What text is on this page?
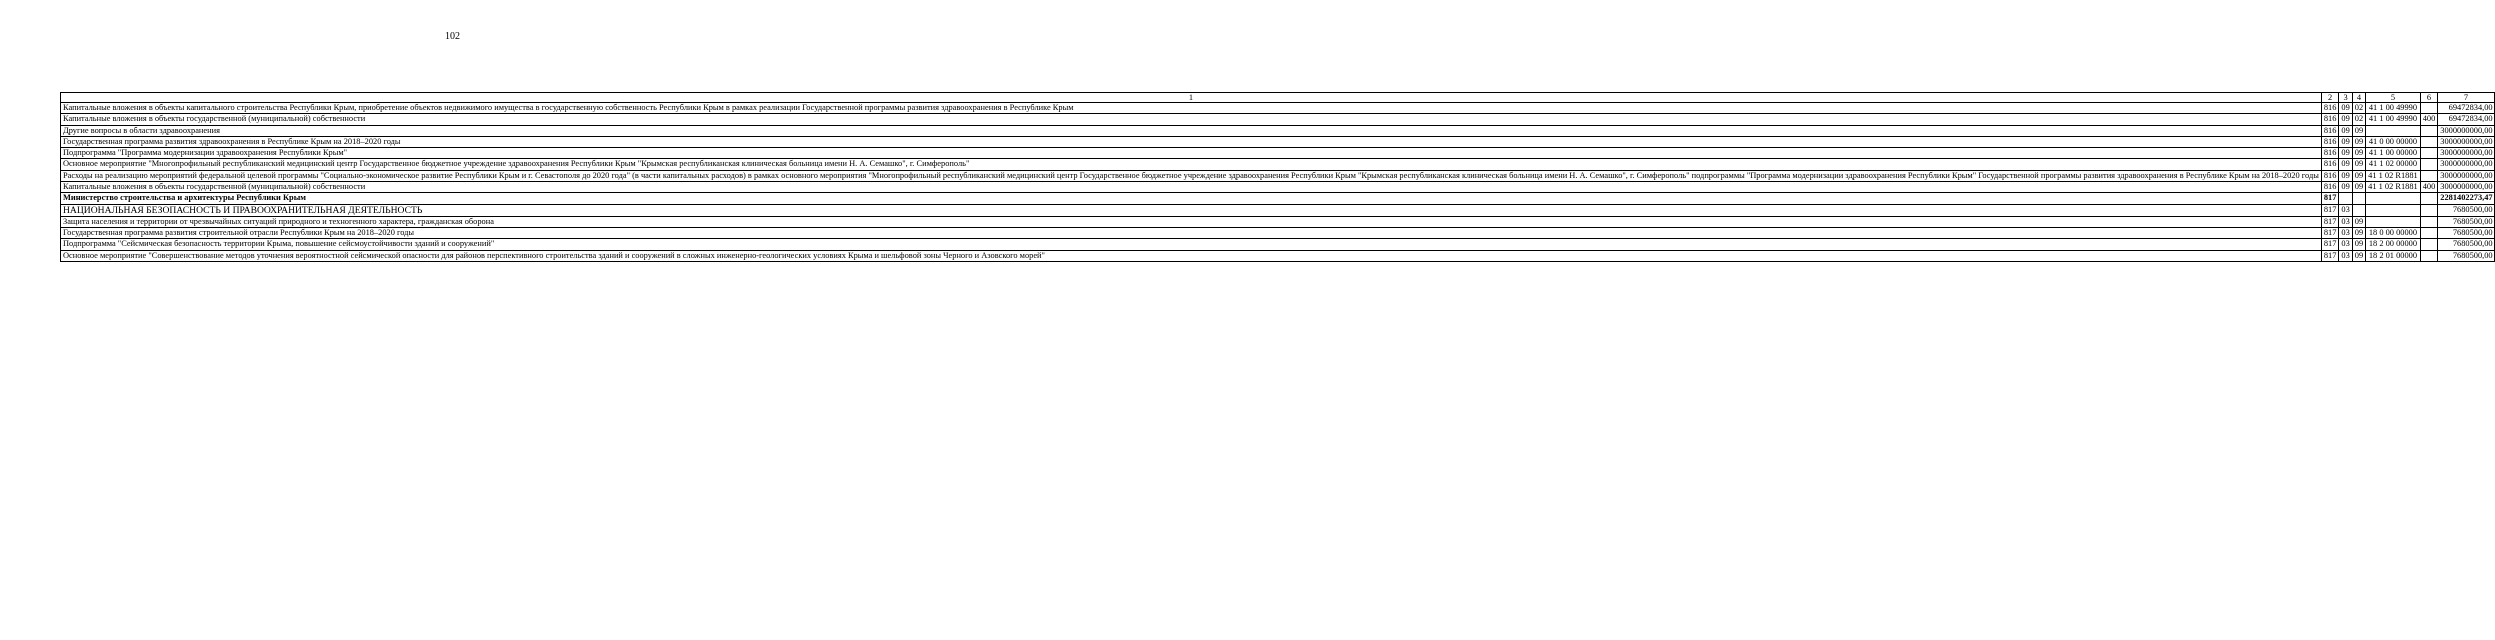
102
1	2	3	4	5	6	7
Капитальные вложения в объекты капитального строительства Республики Крым, приобретение объектов недвижимого имущества в государственную собственность Республики Крым в рамках реализации Государственной программы развития здравоохранения в Республике Крым	816	09	02	41 1 00 49990		69472834,00
Капитальные вложения в объекты государственной (муниципальной) собственности	816	09	02	41 1 00 49990	400	69472834,00
Другие вопросы в области здравоохранения	816	09	09			3000000000,00
Государственная программа развития здравоохранения в Республике Крым на 2018–2020 годы	816	09	09	41 0 00 00000		3000000000,00
Подпрограмма "Программа модернизации здравоохранения Республики Крым"	816	09	09	41 1 00 00000		3000000000,00
Основное мероприятие "Многопрофильный республиканский медицинский центр Государственное бюджетное учреждение здравоохранения Республики Крым "Крымская республиканская клиническая больница имени Н. А. Семашко", г. Симферополь"	816	09	09	41 1 02 00000		3000000000,00
Расходы на реализацию мероприятий федеральной целевой программы "Социально-экономическое развитие Республики Крым и г. Севастополя до 2020 года" (в части капитальных расходов) в рамках основного мероприятия "Многопрофильный республиканский медицинский центр Государственное бюджетное учреждение здравоохранения Республики Крым "Крымская республиканская клиническая больница имени Н. А. Семашко", г. Симферополь" подпрограммы "Программа модернизации здравоохранения Республики Крым" Государственной программы развития здравоохранения в Республике Крым на 2018–2020 годы	816	09	09	41 1 02 R1881		3000000000,00
Капитальные вложения в объекты государственной (муниципальной) собственности	816	09	09	41 1 02 R1881	400	3000000000,00
Министерство строительства и архитектуры Республики Крым	817					2281402273,47
НАЦИОНАЛЬНАЯ БЕЗОПАСНОСТЬ И ПРАВООХРАНИТЕЛЬНАЯ ДЕЯТЕЛЬНОСТЬ	817	03				7680500,00
Защита населения и территории от чрезвычайных ситуаций природного и техногенного характера, гражданская оборона	817	03	09			7680500,00
Государственная программа развития строительной отрасли Республики Крым на 2018–2020 годы	817	03	09	18 0 00 00000		7680500,00
Подпрограмма "Сейсмическая безопасность территории Крыма, повышение сейсмоустойчивости зданий и сооружений"	817	03	09	18 2 00 00000		7680500,00
Основное мероприятие "Совершенствование методов уточнения вероятностной сейсмической опасности для районов перспективного строительства зданий и сооружений в сложных инженерно-геологических условиях Крыма и шельфовой зоны Черного и Азовского морей"	817	03	09	18 2 01 00000		7680500,00
